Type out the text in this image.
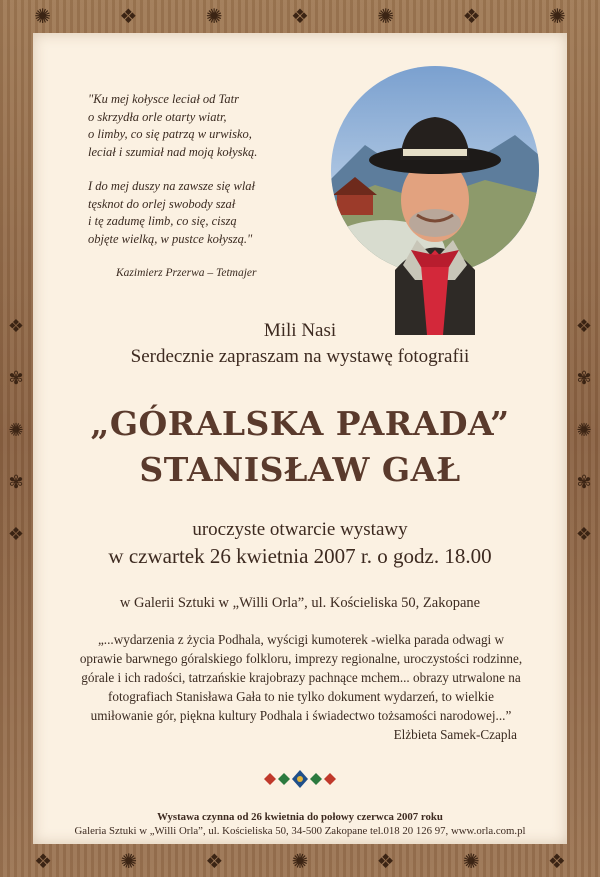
✺	❖	✺	❖	✺	❖	✺
❖
✾
✺
✾
❖
❖
✾
✺
✾
❖
❖	✺	❖	✺	❖	✺	❖
"Ku mej kołysce leciał od Tatr
o skrzydła orle otarty wiatr,
o limby, co się patrzą w urwisko,
leciał i szumiał nad moją kołyską.
I do mej duszy na zawsze się wlał
tęsknot do orlej swobody szał
i tę zadumę limb, co się, ciszą
objęte wielką, w pustce kołyszą."
Kazimierz Przerwa – Tetmajer
Mili Nasi
Serdecznie zapraszam na wystawę fotografii
„GÓRALSKA PARADA”
STANISŁAW GAŁ
uroczyste otwarcie wystawy
w czwartek 26 kwietnia 2007 r. o godz. 18.00
w Galerii Sztuki w „Willi Orla”, ul. Kościeliska 50, Zakopane
„...wydarzenia z życia Podhala, wyścigi kumoterek -wielka parada odwagi w
oprawie barwnego góralskiego folkloru, imprezy regionalne, uroczystości rodzinne,
górale i ich radości, tatrzańskie krajobrazy pachnące mchem... obrazy utrwalone na
fotografiach Stanisława Gała to nie tylko dokument wydarzeń, to wielkie
umiłowanie gór, piękna kultury Podhala i świadectwo tożsamości narodowej...”
Elżbieta Samek-Czapla
Wystawa czynna od 26 kwietnia do połowy czerwca 2007 roku
Galeria Sztuki w „Willi Orla”, ul. Kościeliska 50, 34-500 Zakopane tel.018 20 126 97, www.orla.com.pl
